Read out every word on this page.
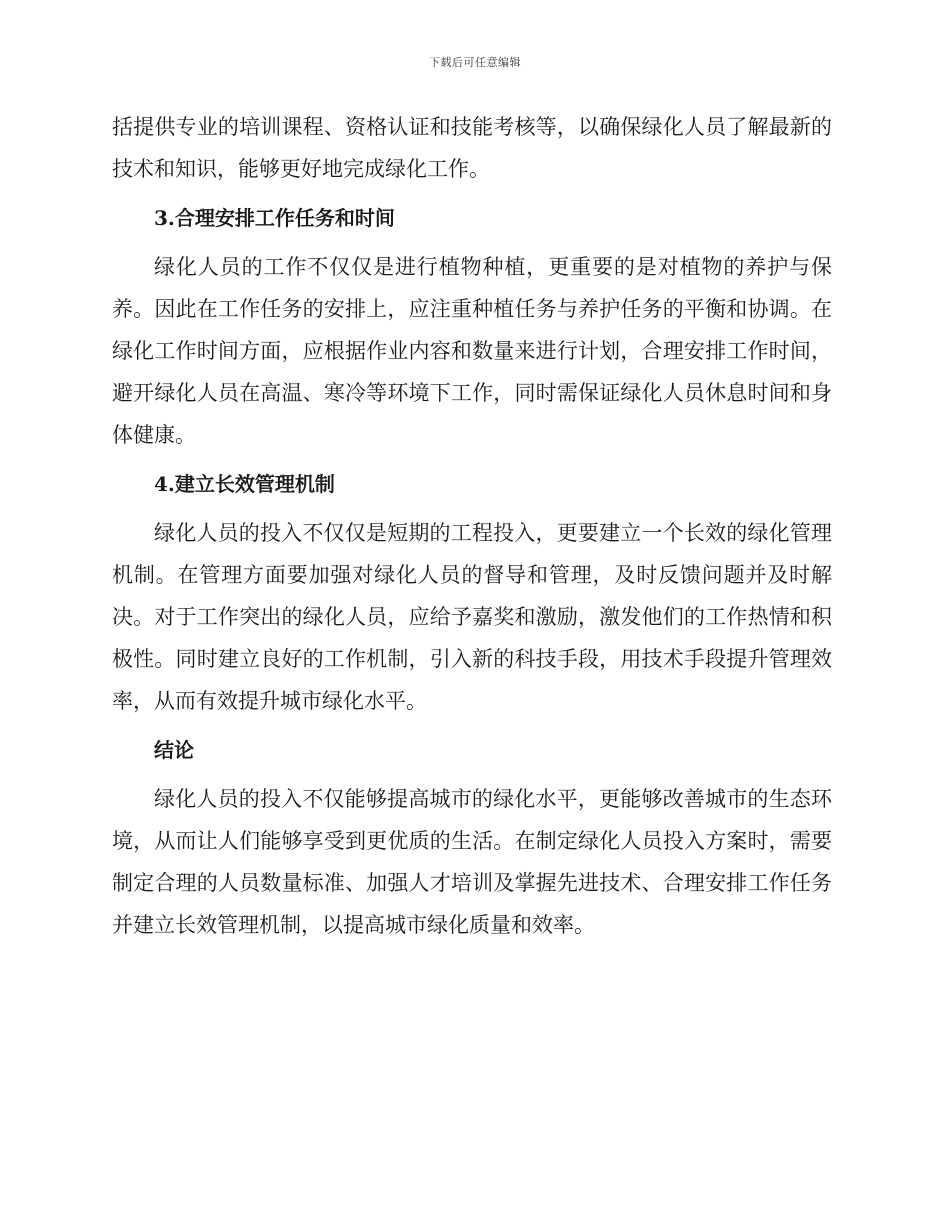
下载后可任意编辑

括提供专业的培训课程、资格认证和技能考核等，以确保绿化人员了解最新的技术和知识，能够更好地完成绿化工作。

3.合理安排工作任务和时间

绿化人员的工作不仅仅是进行植物种植，更重要的是对植物的养护与保养。因此在工作任务的安排上，应注重种植任务与养护任务的平衡和协调。在绿化工作时间方面，应根据作业内容和数量来进行计划，合理安排工作时间，避开绿化人员在高温、寒冷等环境下工作，同时需保证绿化人员休息时间和身体健康。

4.建立长效管理机制

绿化人员的投入不仅仅是短期的工程投入，更要建立一个长效的绿化管理机制。在管理方面要加强对绿化人员的督导和管理，及时反馈问题并及时解决。对于工作突出的绿化人员，应给予嘉奖和激励，激发他们的工作热情和积极性。同时建立良好的工作机制，引入新的科技手段，用技术手段提升管理效率，从而有效提升城市绿化水平。

结论

绿化人员的投入不仅能够提高城市的绿化水平，更能够改善城市的生态环境，从而让人们能够享受到更优质的生活。在制定绿化人员投入方案时，需要制定合理的人员数量标准、加强人才培训及掌握先进技术、合理安排工作任务并建立长效管理机制，以提高城市绿化质量和效率。
